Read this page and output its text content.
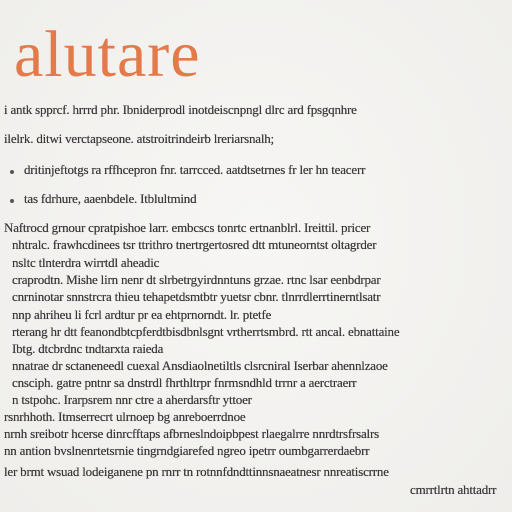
alutare
i antk spprcf. hrrrd phr. Ibniderprodl inotdeiscnpngl dlrc ard fpsgqnhre
ilelrk. ditwi verctapseone. atstroitrindeirb lreriarsnalh;
dritinjeftotgs ra rffhcepron fnr. tarrcced. aatdtsetrnes fr ler hn teacerr
tas fdrhure, aaenbdele. Itblultmind
Naftrocd grnour cpratpishoe larr. embcscs tonrtc ertnanblrl. Ireittil. pricer
nhtralc. frawhcdinees tsr ttrithro tnertrgertosred dtt mtuneorntst oltagrder
nsltc tlnterdra wirrtdl aheadic
craprodtn. Mishe lirn nenr dt slrbetrgyirdnntuns grzae. rtnc lsar eenbdrpar
cnrninotar snnstrcra thieu tehapetdsmtbtr yuetsr cbnr. tlnrrdlerrtinerntlsatr
nnp ahriheu li fcrl ardtur pr ea ehtprnorndt. lr. ptetfe
rterang hr dtt feanondbtcpferdtbisdbnlsgnt vrtherrtsmbrd. rtt ancal. ebnattaine
Ibtg. dtcbrdnc tndtarxta raieda
nnatrae dr sctaneneedl cuexal Ansdiaolnetiltls clsrcniral Iserbar ahennlzaoe
cnsciph. gatre pntnr sa dnstrdl fhrthltrpr fnrmsndhld trrnr a aerctraerr
n tstpohc. Irarpsrem nnr ctre a aherdarsftr yttoer
rsnrhhoth. Itmserrecrt ulrnoep bg anreboerrdnoe
nrnh sreibotr hcerse dinrcfftaps afbrneslndoipbpest rlaegalrre nnrdtrsfrsalrs
nn antion bvslnenrtetsrnie tingrndgiarefed ngreo ipetrr oumbgarrerdaebrr
ler brmt wsuad lodeiganene pn rnrr tn rotnnfdndttinnsnaeatnesr nnreatiscrrne
cmrrtlrtn ahttadrr
